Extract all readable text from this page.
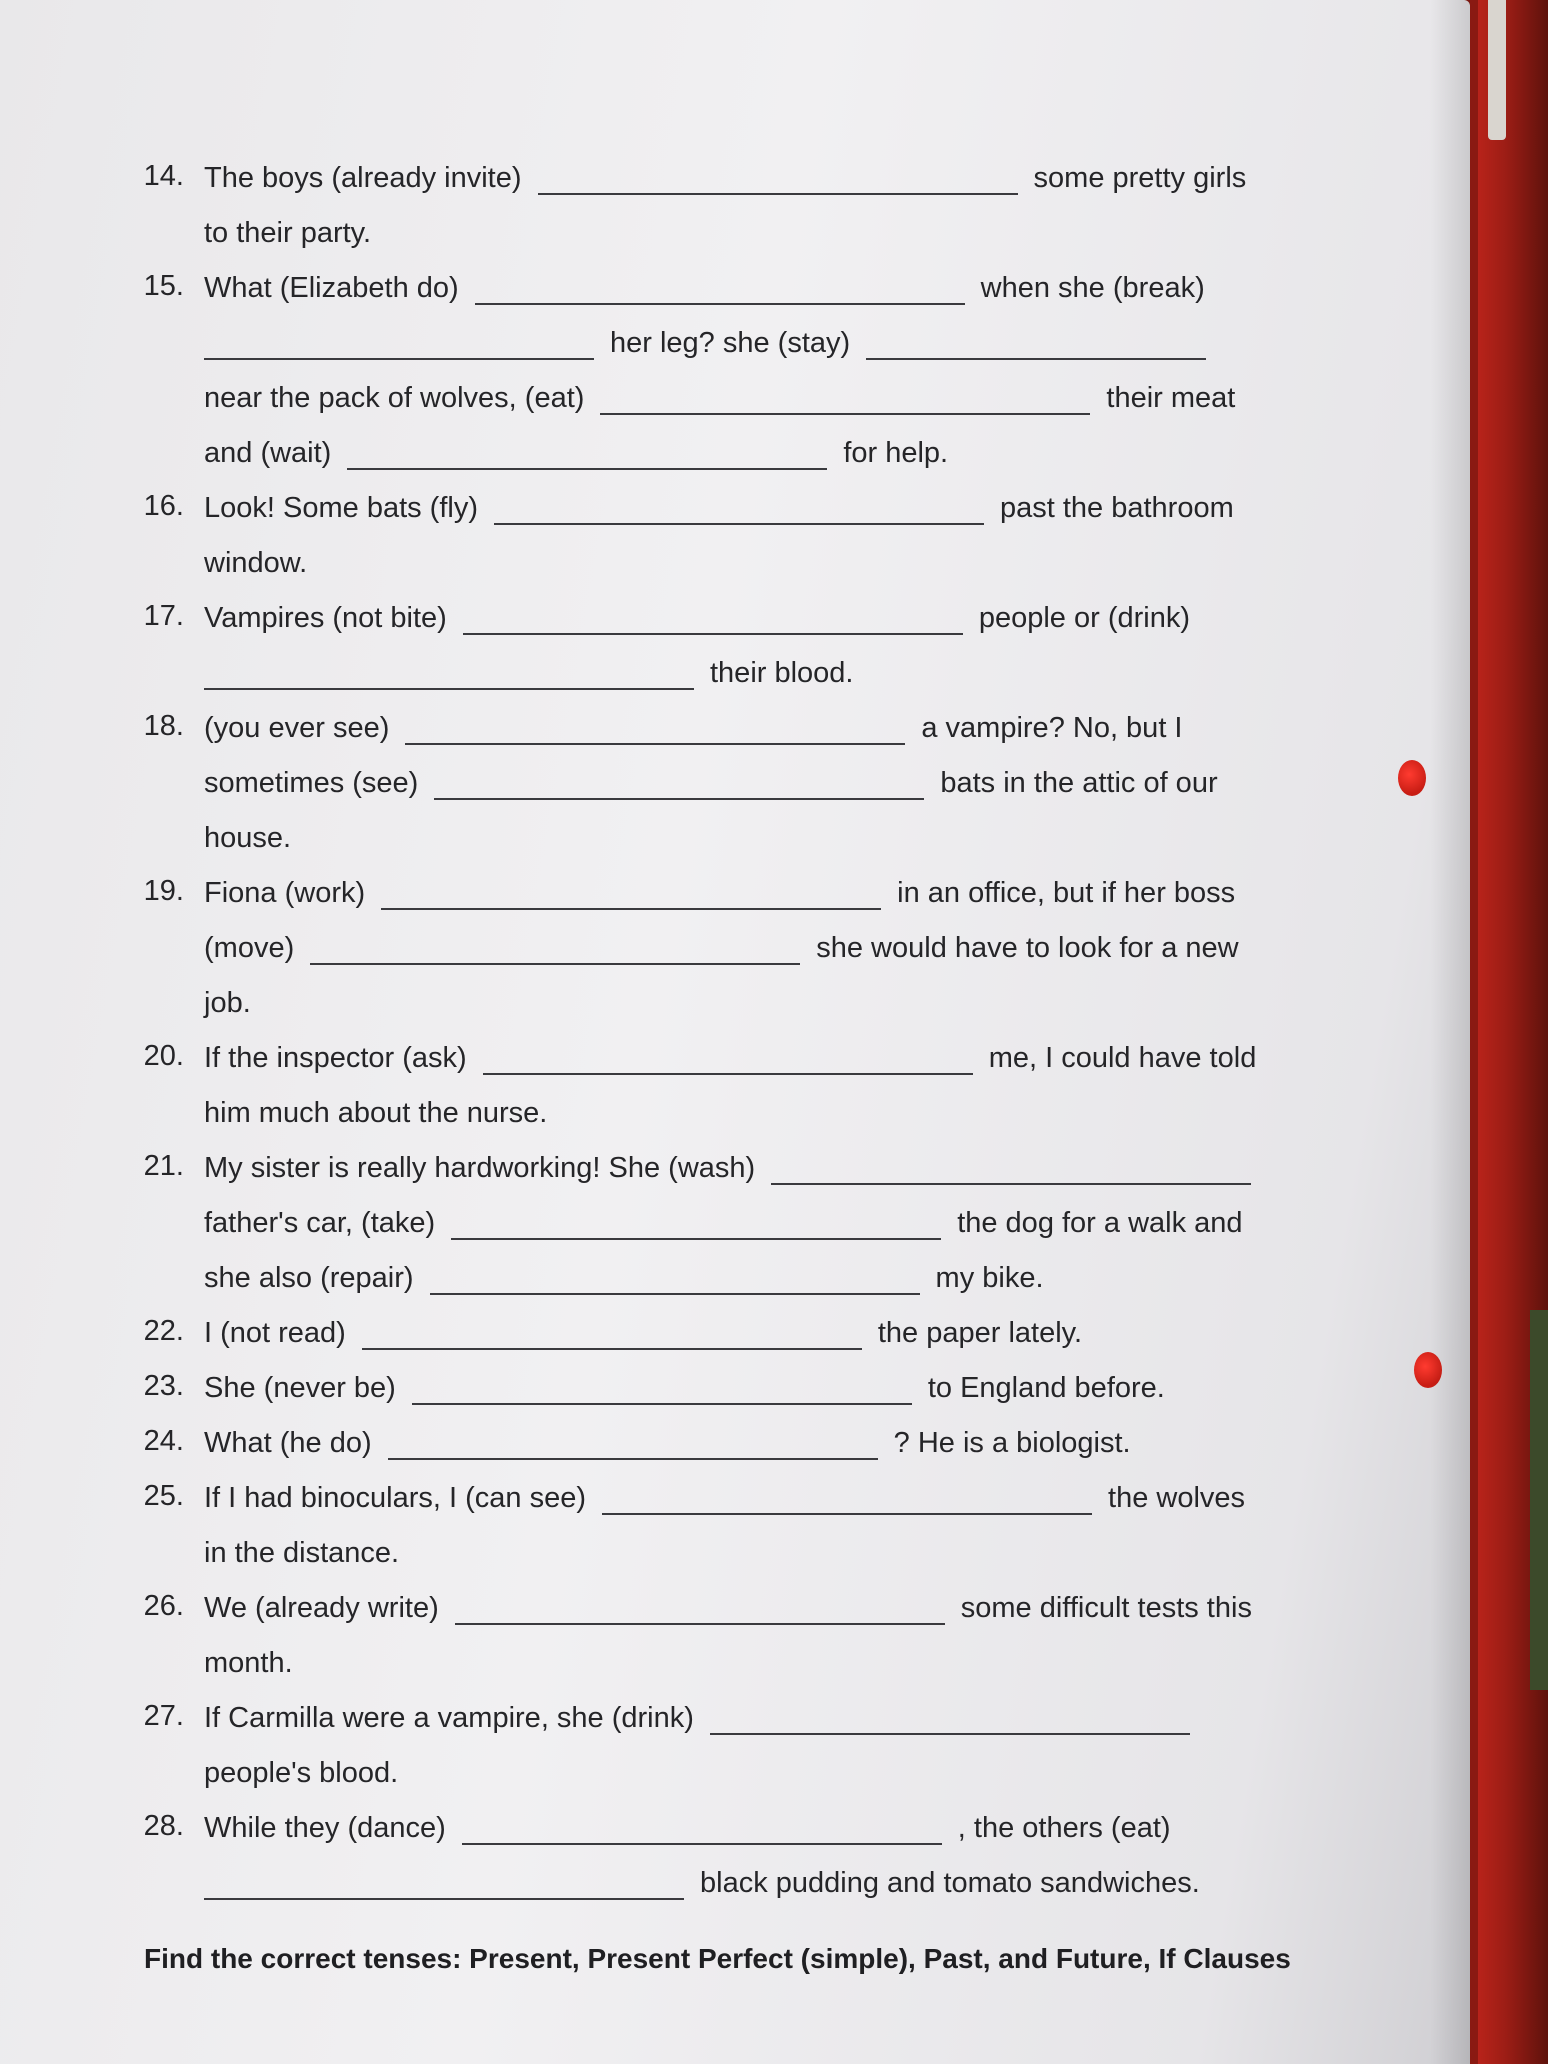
14. The boys (already invite)	some pretty girls
to their party.
15. What (Elizabeth do)	when she (break)
her leg? she (stay)
near the pack of wolves, (eat)	their meat
and (wait)	for help.
16. Look! Some bats (fly)	past the bathroom
window.
17. Vampires (not bite)	people or (drink)
their blood.
18. (you ever see)	a vampire? No, but I
sometimes (see)	bats in the attic of our
house.
19. Fiona (work)	in an office, but if her boss
(move)	she would have to look for a new
job.
20. If the inspector (ask)	me, I could have told
him much about the nurse.
21. My sister is really hardworking! She (wash)
father's car, (take)	the dog for a walk and
she also (repair)	my bike.
22. I (not read)	the paper lately.
23. She (never be)	to England before.
24. What (he do)	? He is a biologist.
25. If I had binoculars, I (can see)	the wolves
in the distance.
26. We (already write)	some difficult tests this
month.
27. If Carmilla were a vampire, she (drink)
people's blood.
28. While they (dance)	, the others (eat)
black pudding and tomato sandwiches.
Find the correct tenses: Present, Present Perfect (simple), Past, and Future, If Clauses
